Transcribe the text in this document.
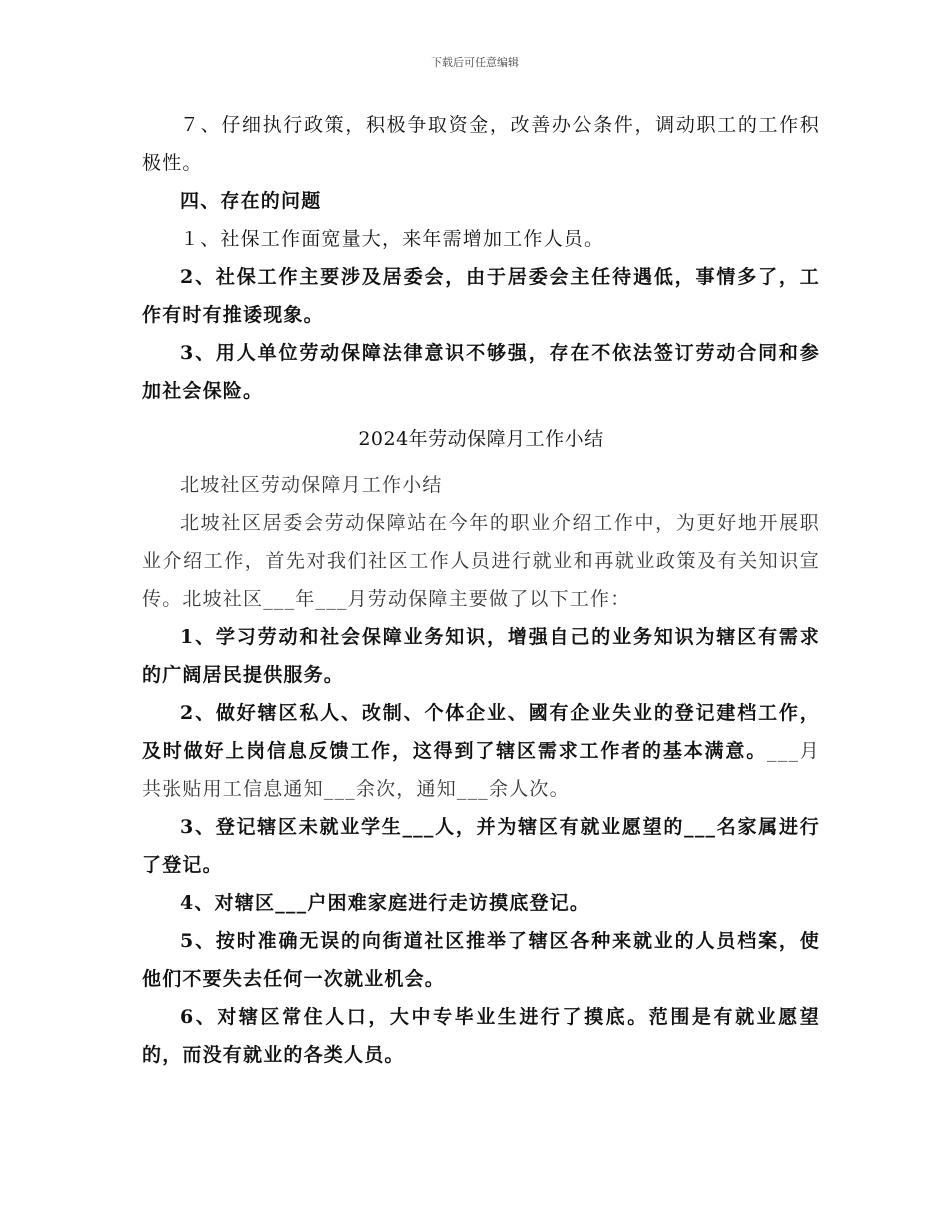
下载后可任意编辑

７、仔细执行政策，积极争取资金，改善办公条件，调动职工的工作积极性。

四、存在的问题

１、社保工作面宽量大，来年需增加工作人员。

2、社保工作主要涉及居委会，由于居委会主任待遇低，事情多了，工作有时有推诿现象。

3、用人单位劳动保障法律意识不够强，存在不依法签订劳动合同和参加社会保险。

2024年劳动保障月工作小结

北坡社区劳动保障月工作小结

北坡社区居委会劳动保障站在今年的职业介绍工作中，为更好地开展职业介绍工作，首先对我们社区工作人员进行就业和再就业政策及有关知识宣传。北坡社区___年___月劳动保障主要做了以下工作：

1、学习劳动和社会保障业务知识，增强自己的业务知识为辖区有需求的广阔居民提供服务。

2、做好辖区私人、改制、个体企业、國有企业失业的登记建档工作，及时做好上岗信息反馈工作，这得到了辖区需求工作者的基本满意。___月共张贴用工信息通知___余次，通知___余人次。

3、登记辖区未就业学生___人，并为辖区有就业愿望的___名家属进行了登记。

4、对辖区___户困难家庭进行走访摸底登记。

5、按时准确无误的向街道社区推举了辖区各种来就业的人员档案，使他们不要失去任何一次就业机会。

6、对辖区常住人口，大中专毕业生进行了摸底。范围是有就业愿望的，而没有就业的各类人员。
